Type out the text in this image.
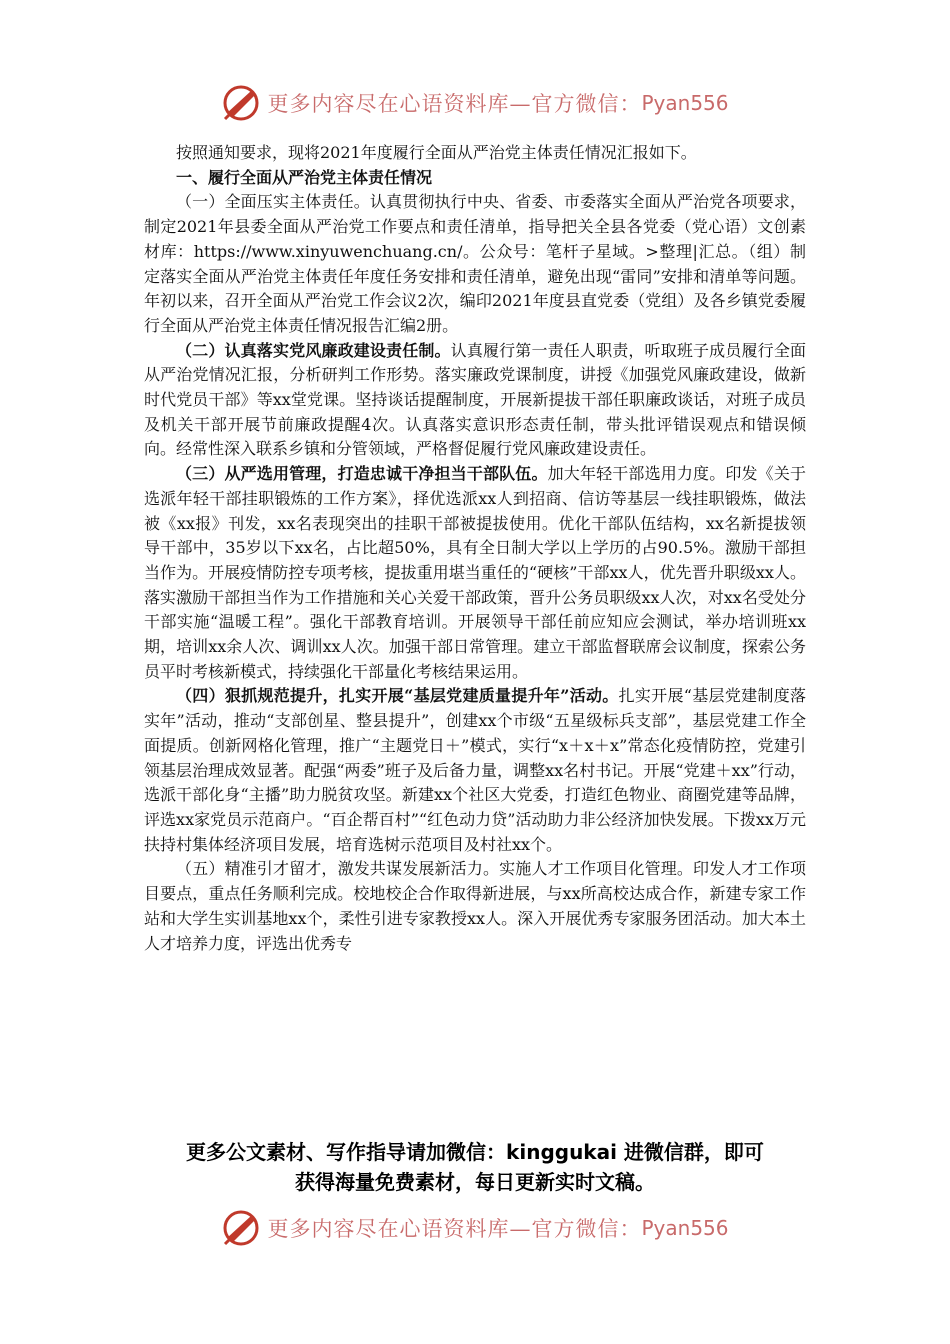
更多内容尽在心语资料库—官方微信： Pyan556

按照通知要求，现将2021年度履行全面从严治党主体责任情况汇报如下。

一、履行全面从严治党主体责任情况

（一）全面压实主体责任。认真贯彻执行中央、省委、市委落实全面从严治党各项要求，制定2021年县委全面从严治党工作要点和责任清单，指导把关全县各党委（党心语）文创素材库：https://www.xinyuwenchuang.cn/。公众号：笔杆子星域。>整理|汇总。（组）制定落实全面从严治党主体责任年度任务安排和责任清单，避免出现“雷同”安排和清单等问题。年初以来，召开全面从严治党工作会议2次，编印2021年度县直党委（党组）及各乡镇党委履行全面从严治党主体责任情况报告汇编2册。

（二）认真落实党风廉政建设责任制。认真履行第一责任人职责，听取班子成员履行全面从严治党情况汇报，分析研判工作形势。落实廉政党课制度，讲授《加强党风廉政建设，做新时代党员干部》等xx堂党课。坚持谈话提醒制度，开展新提拔干部任职廉政谈话，对班子成员及机关干部开展节前廉政提醒4次。认真落实意识形态责任制，带头批评错误观点和错误倾向。经常性深入联系乡镇和分管领域，严格督促履行党风廉政建设责任。

（三）从严选用管理，打造忠诚干净担当干部队伍。加大年轻干部选用力度。印发《关于选派年轻干部挂职锻炼的工作方案》，择优选派xx人到招商、信访等基层一线挂职锻炼，做法被《xx报》刊发，xx名表现突出的挂职干部被提拔使用。优化干部队伍结构，xx名新提拔领导干部中，35岁以下xx名，占比超50%，具有全日制大学以上学历的占90.5%。激励干部担当作为。开展疫情防控专项考核，提拔重用堪当重任的“硬核”干部xx人，优先晋升职级xx人。落实激励干部担当作为工作措施和关心关爱干部政策，晋升公务员职级xx人次，对xx名受处分干部实施“温暖工程”。强化干部教育培训。开展领导干部任前应知应会测试，举办培训班xx期，培训xx余人次、调训xx人次。加强干部日常管理。建立干部监督联席会议制度，探索公务员平时考核新模式，持续强化干部量化考核结果运用。

（四）狠抓规范提升，扎实开展“基层党建质量提升年”活动。扎实开展“基层党建制度落实年”活动，推动“支部创星、整县提升”，创建xx个市级“五星级标兵支部”，基层党建工作全面提质。创新网格化管理，推广“主题党日＋”模式，实行“x＋x＋x”常态化疫情防控，党建引领基层治理成效显著。配强“两委”班子及后备力量，调整xx名村书记。开展“党建＋xx”行动，选派干部化身“主播”助力脱贫攻坚。新建xx个社区大党委，打造红色物业、商圈党建等品牌，评选xx家党员示范商户。“百企帮百村”“红色动力贷”活动助力非公经济加快发展。下拨xx万元扶持村集体经济项目发展，培育选树示范项目及村社xx个。

（五）精准引才留才，激发共谋发展新活力。实施人才工作项目化管理。印发人才工作项目要点，重点任务顺利完成。校地校企合作取得新进展，与xx所高校达成合作，新建专家工作站和大学生实训基地xx个，柔性引进专家教授xx人。深入开展优秀专家服务团活动。加大本土人才培养力度，评选出优秀专

更多公文素材、写作指导请加微信：kinggukai 进微信群，即可
获得海量免费素材，每日更新实时文稿。
更多内容尽在心语资料库—官方微信： Pyan556
